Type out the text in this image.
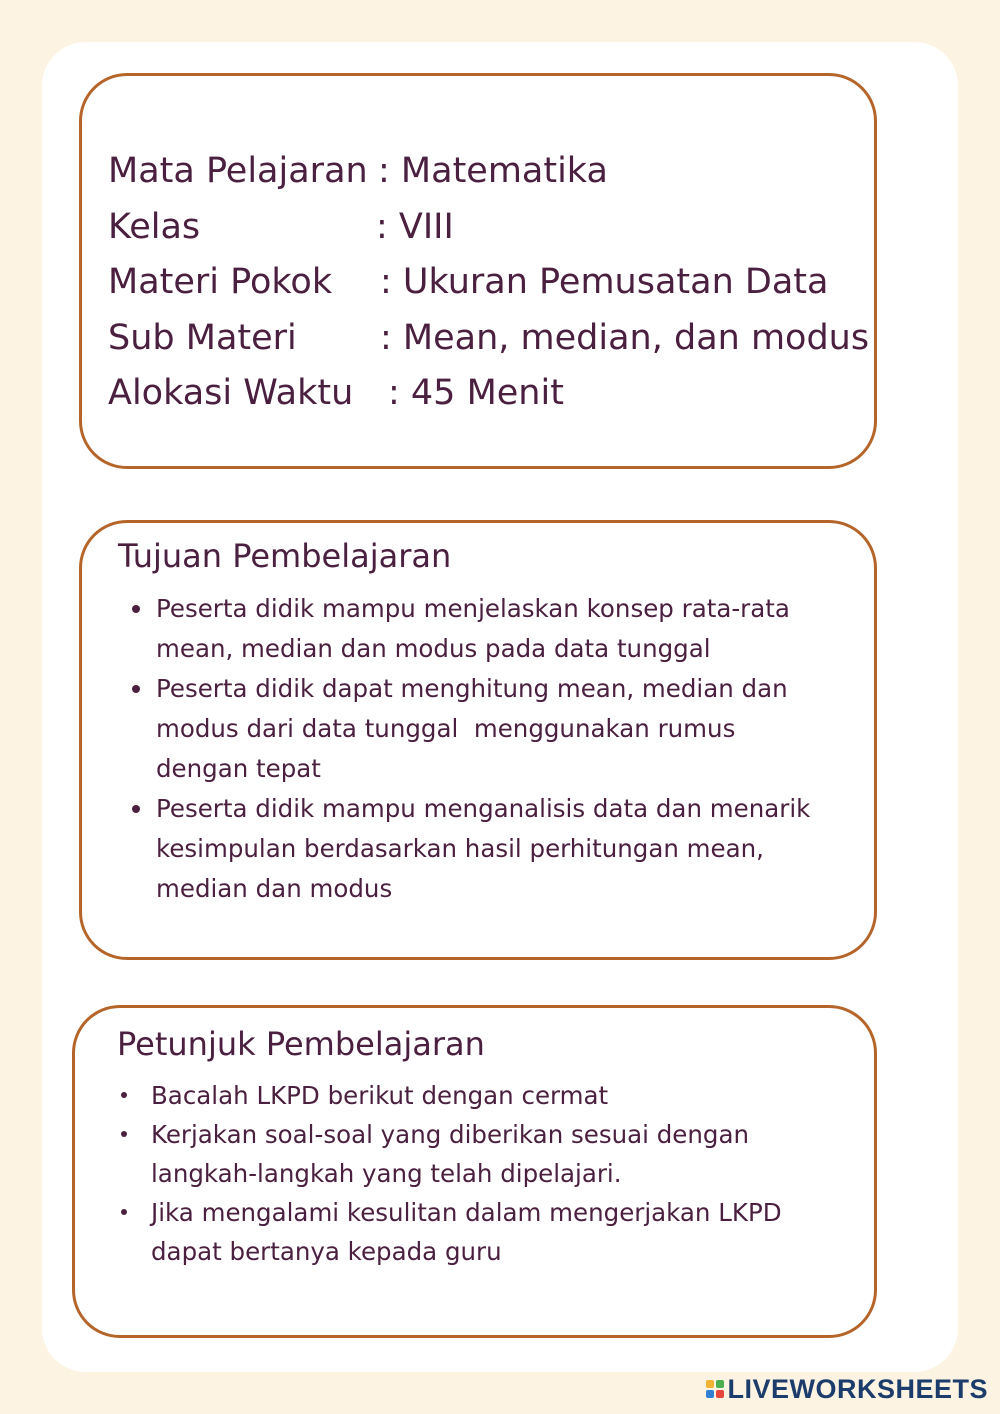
Mata Pelajaran : Matematika
Kelas	: VIII
Materi Pokok : Ukuran Pemusatan Data
Sub Materi : Mean, median, dan modus
Alokasi Waktu : 45 Menit
Tujuan Pembelajaran
Peserta didik mampu menjelaskan konsep rata-rata
mean, median dan modus pada data tunggal
Peserta didik dapat menghitung mean, median dan
modus dari data tunggal  menggunakan rumus
dengan tepat
Peserta didik mampu menganalisis data dan menarik
kesimpulan berdasarkan hasil perhitungan mean,
median dan modus
Petunjuk Pembelajaran
Bacalah LKPD berikut dengan cermat
Kerjakan soal-soal yang diberikan sesuai dengan
langkah-langkah yang telah dipelajari.
Jika mengalami kesulitan dalam mengerjakan LKPD
dapat bertanya kepada guru
LIVEWORKSHEETS
